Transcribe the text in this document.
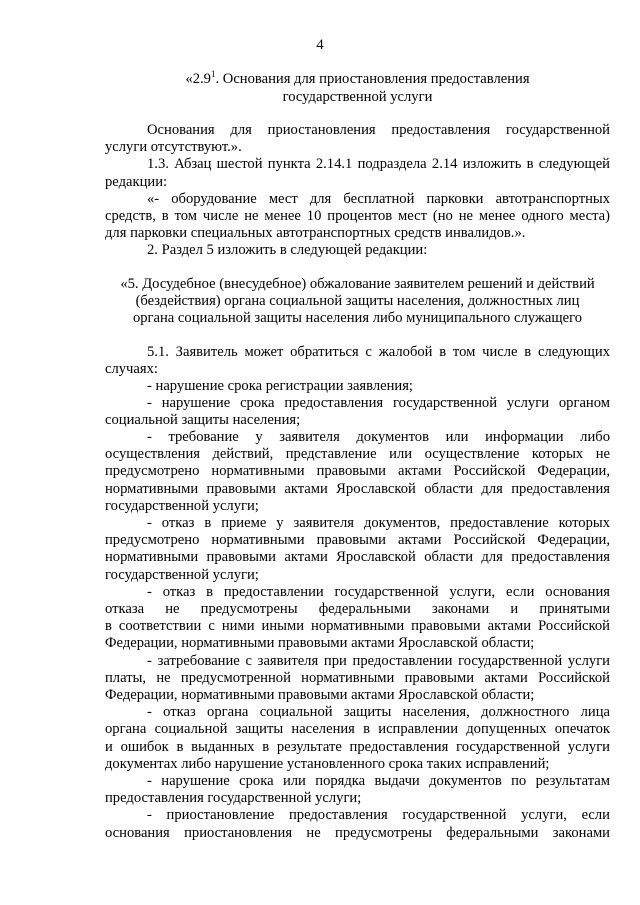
4
«$2.9^1$. Основания для приостановления предоставления
государственной услуги
Основания для приостановления предоставления государственной
услуги отсутствуют.».
1.3. Абзац шестой пункта 2.14.1 подраздела 2.14 изложить в следующей
редакции:
«- оборудование мест для бесплатной парковки автотранспортных
средств, в том числе не менее 10 процентов мест (но не менее одного места)
для парковки специальных автотранспортных средств инвалидов.».
2. Раздел 5 изложить в следующей редакции:
«5. Досудебное (внесудебное) обжалование заявителем решений и действий
(бездействия) органа социальной защиты населения, должностных лиц
органа социальной защиты населения либо муниципального служащего
5.1. Заявитель может обратиться с жалобой в том числе в следующих
случаях:
- нарушение срока регистрации заявления;
- нарушение срока предоставления государственной услуги органом
социальной защиты населения;
- требование у заявителя документов или информации либо
осуществления действий, представление или осуществление которых не
предусмотрено нормативными правовыми актами Российской Федерации,
нормативными правовыми актами Ярославской области для предоставления
государственной услуги;
- отказ в приеме у заявителя документов, предоставление которых
предусмотрено нормативными правовыми актами Российской Федерации,
нормативными правовыми актами Ярославской области для предоставления
государственной услуги;
- отказ в предоставлении государственной услуги, если основания
отказа не предусмотрены федеральными законами и принятыми
в соответствии с ними иными нормативными правовыми актами Российской
Федерации, нормативными правовыми актами Ярославской области;
- затребование с заявителя при предоставлении государственной услуги
платы, не предусмотренной нормативными правовыми актами Российской
Федерации, нормативными правовыми актами Ярославской области;
- отказ органа социальной защиты населения, должностного лица
органа социальной защиты населения в исправлении допущенных опечаток
и ошибок в выданных в результате предоставления государственной услуги
документах либо нарушение установленного срока таких исправлений;
- нарушение срока или порядка выдачи документов по результатам
предоставления государственной услуги;
- приостановление предоставления государственной услуги, если
основания приостановления не предусмотрены федеральными законами
